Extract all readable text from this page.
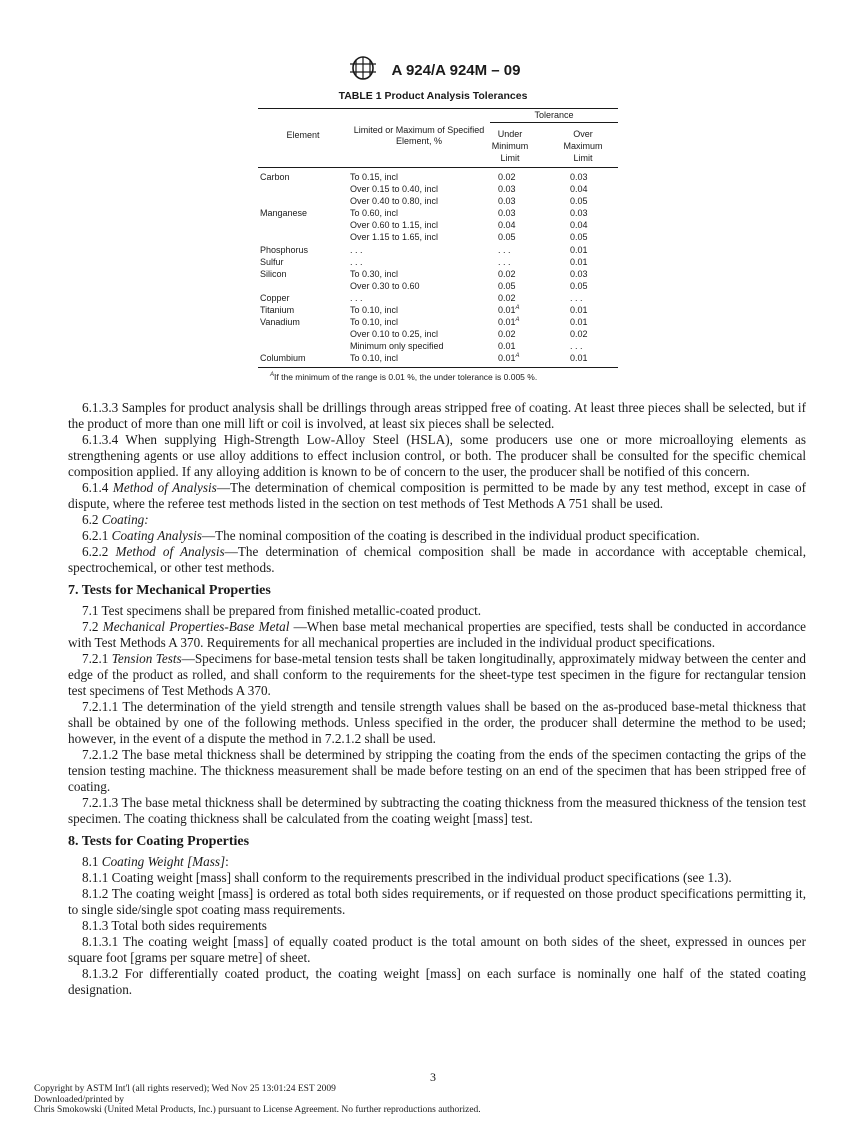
A 924/A 924M – 09
TABLE 1 Product Analysis Tolerances
Tolerance
Element	Limited or Maximum of Specified Element, %
Under Minimum Limit
Over Maximum Limit
Carbon	To 0.15, incl	0.02	0.03
Over 0.15 to 0.40, incl	0.03	0.04
Over 0.40 to 0.80, incl	0.03	0.05
Manganese	To 0.60, incl	0.03	0.03
Over 0.60 to 1.15, incl	0.04	0.04
Over 1.15 to 1.65, incl	0.05	0.05
Phosphorus	. . .	. . .	0.01
Sulfur	. . .	. . .	0.01
Silicon	To 0.30, incl	0.02	0.03
Over 0.30 to 0.60	0.05	0.05
Copper	. . .	0.02	. . .
Titanium	To 0.10, incl	$0.01^A$	0.01
Vanadium	To 0.10, incl	$0.01^A$	0.01
Over 0.10 to 0.25, incl	0.02	0.02
Minimum only specified	0.01	. . .
Columbium	To 0.10, incl	$0.01^A$	0.01
$^A$If the minimum of the range is 0.01 %, the under tolerance is 0.005 %.

6.1.3.3 Samples for product analysis shall be drillings through areas stripped free of coating. At least three pieces shall be selected, but if the product of more than one mill lift or coil is involved, at least six pieces shall be selected.

6.1.3.4 When supplying High-Strength Low-Alloy Steel (HSLA), some producers use one or more microalloying elements as strengthening agents or use alloy additions to effect inclusion control, or both. The producer shall be consulted for the specific chemical composition applied. If any alloying addition is known to be of concern to the user, the producer shall be notified of this concern.

6.1.4 Method of Analysis—The determination of chemical composition is permitted to be made by any test method, except in case of dispute, where the referee test methods listed in the section on test methods of Test Methods A 751 shall be used.

6.2 Coating:

6.2.1 Coating Analysis—The nominal composition of the coating is described in the individual product specification.

6.2.2 Method of Analysis—The determination of chemical composition shall be made in accordance with acceptable chemical, spectrochemical, or other test methods.

7. Tests for Mechanical Properties

7.1 Test specimens shall be prepared from finished metallic-coated product.

7.2 Mechanical Properties-Base Metal —When base metal mechanical properties are specified, tests shall be conducted in accordance with Test Methods A 370. Requirements for all mechanical properties are included in the individual product specifications.

7.2.1 Tension Tests—Specimens for base-metal tension tests shall be taken longitudinally, approximately midway between the center and edge of the product as rolled, and shall conform to the requirements for the sheet-type test specimen in the figure for rectangular tension test specimens of Test Methods A 370.

7.2.1.1 The determination of the yield strength and tensile strength values shall be based on the as-produced base-metal thickness that shall be obtained by one of the following methods. Unless specified in the order, the producer shall determine the method to be used; however, in the event of a dispute the method in 7.2.1.2 shall be used.

7.2.1.2 The base metal thickness shall be determined by stripping the coating from the ends of the specimen contacting the grips of the tension testing machine. The thickness measurement shall be made before testing on an end of the specimen that has been stripped free of coating.

7.2.1.3 The base metal thickness shall be determined by subtracting the coating thickness from the measured thickness of the tension test specimen. The coating thickness shall be calculated from the coating weight [mass] test.

8. Tests for Coating Properties

8.1 Coating Weight [Mass]:

8.1.1 Coating weight [mass] shall conform to the requirements prescribed in the individual product specifications (see 1.3).

8.1.2 The coating weight [mass] is ordered as total both sides requirements, or if requested on those product specifications permitting it, to single side/single spot coating mass requirements.

8.1.3 Total both sides requirements

8.1.3.1 The coating weight [mass] of equally coated product is the total amount on both sides of the sheet, expressed in ounces per square foot [grams per square metre] of sheet.

8.1.3.2 For differentially coated product, the coating weight [mass] on each surface is nominally one half of the stated coating designation.

3
Copyright by ASTM Int'l (all rights reserved); Wed Nov 25 13:01:24 EST 2009
Downloaded/printed by
Chris Smokowski (United Metal Products, Inc.) pursuant to License Agreement. No further reproductions authorized.
